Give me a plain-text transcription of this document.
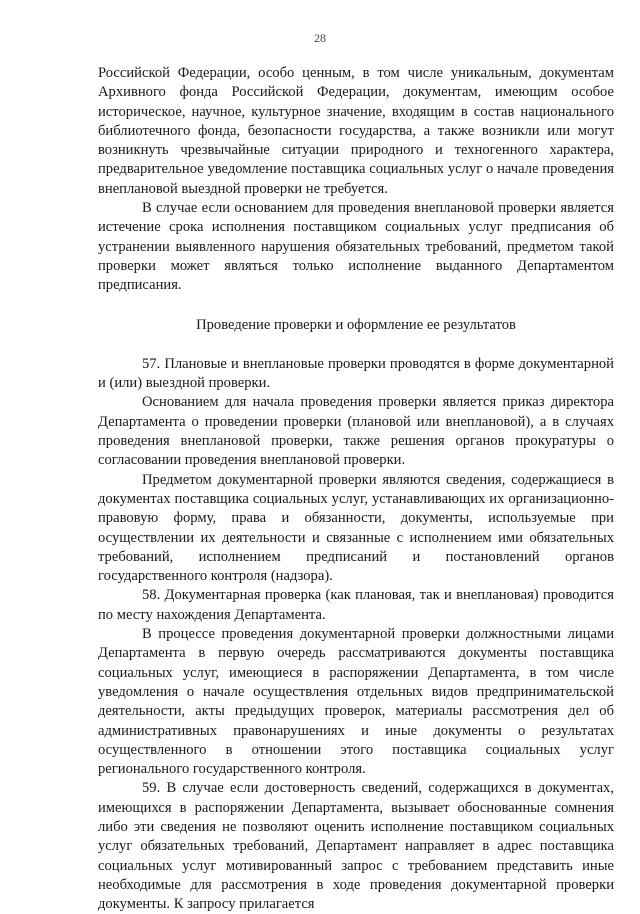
28

Российской Федерации, особо ценным, в том числе уникальным, документам Архивного фонда Российской Федерации, документам, имеющим особое историческое, научное, культурное значение, входящим в состав национального библиотечного фонда, безопасности государства, а также возникли или могут возникнуть чрезвычайные ситуации природного и техногенного характера, предварительное уведомление поставщика социальных услуг о начале проведения внеплановой выездной проверки не требуется.

В случае если основанием для проведения внеплановой проверки является истечение срока исполнения поставщиком социальных услуг предписания об устранении выявленного нарушения обязательных требований, предметом такой проверки может являться только исполнение выданного Департаментом предписания.

Проведение проверки и оформление ее результатов

57. Плановые и внеплановые проверки проводятся в форме документарной и (или) выездной проверки.

Основанием для начала проведения проверки является приказ директора Департамента о проведении проверки (плановой или внеплановой), а в случаях проведения внеплановой проверки, также решения органов прокуратуры о согласовании проведения внеплановой проверки.

Предметом документарной проверки являются сведения, содержащиеся в документах поставщика социальных услуг, устанавливающих их организационно-правовую форму, права и обязанности, документы, используемые при осуществлении их деятельности и связанные с исполнением ими обязательных требований, исполнением предписаний и постановлений органов государственного контроля (надзора).

58. Документарная проверка (как плановая, так и внеплановая) проводится по месту нахождения Департамента.

В процессе проведения документарной проверки должностными лицами Департамента в первую очередь рассматриваются документы поставщика социальных услуг, имеющиеся в распоряжении Департамента, в том числе уведомления о начале осуществления отдельных видов предпринимательской деятельности, акты предыдущих проверок, материалы рассмотрения дел об административных правонарушениях и иные документы о результатах осуществленного в отношении этого поставщика социальных услуг регионального государственного контроля.

59. В случае если достоверность сведений, содержащихся в документах, имеющихся в распоряжении Департамента, вызывает обоснованные сомнения либо эти сведения не позволяют оценить исполнение поставщиком социальных услуг обязательных требований, Департамент направляет в адрес поставщика социальных услуг мотивированный запрос с требованием представить иные необходимые для рассмотрения в ходе проведения документарной проверки документы. К запросу прилагается
